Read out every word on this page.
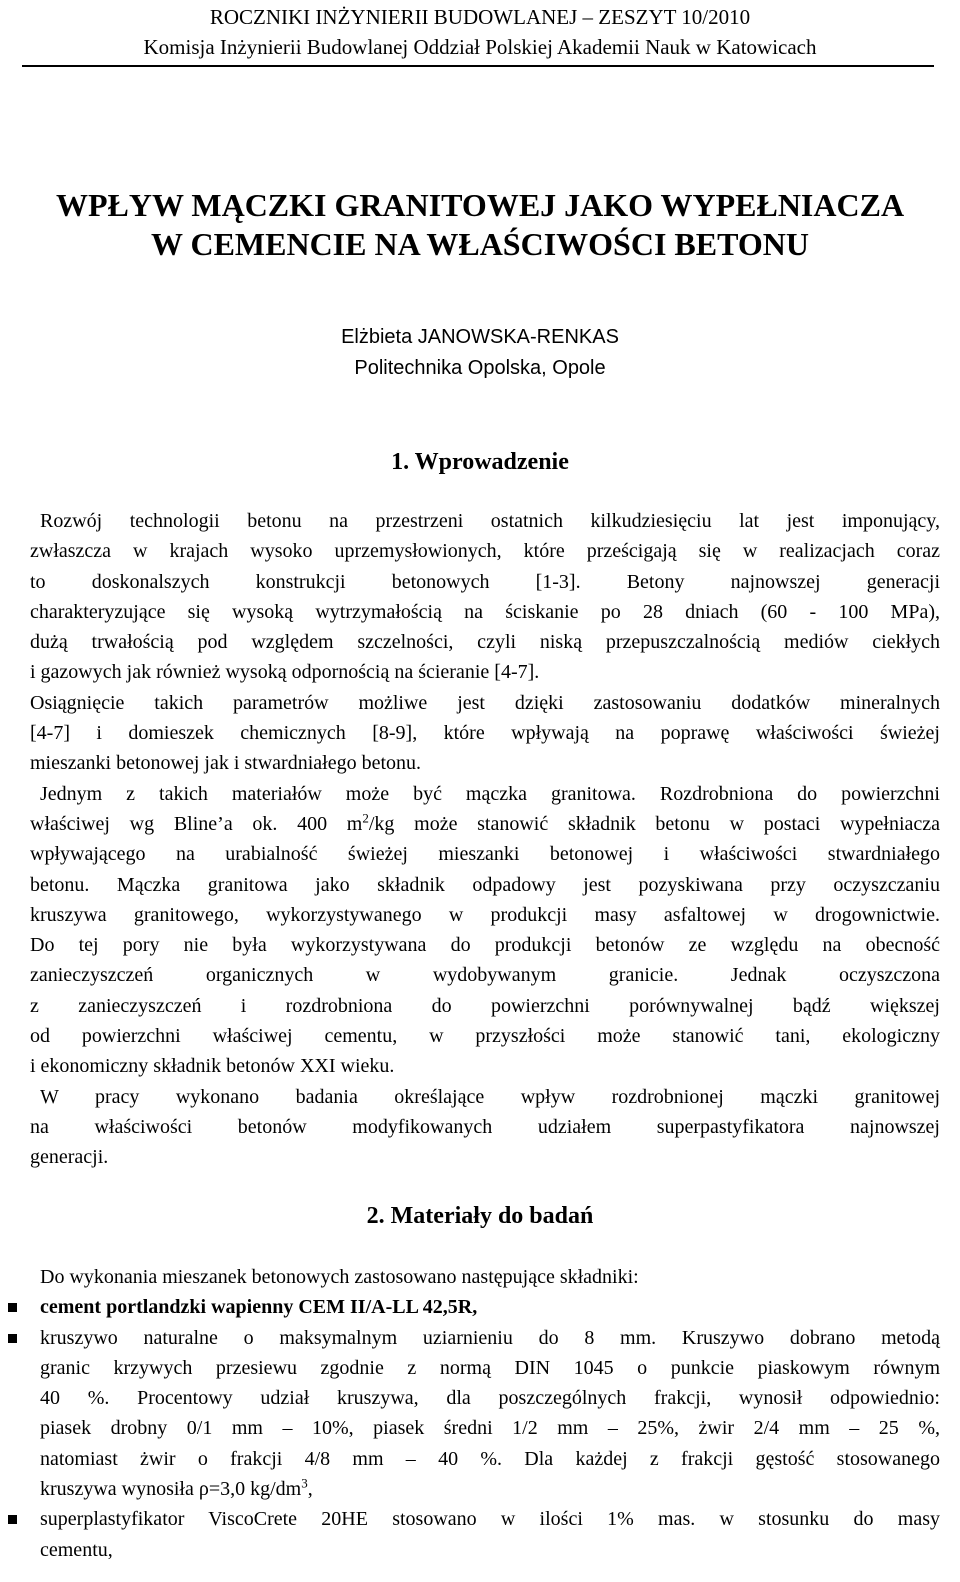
ROCZNIKI INŻYNIERII BUDOWLANEJ – ZESZYT 10/2010
Komisja Inżynierii Budowlanej Oddział Polskiej Akademii Nauk w Katowicach
WPŁYW MĄCZKI GRANITOWEJ JAKO WYPEŁNIACZA
W CEMENCIE NA WŁAŚCIWOŚCI BETONU
Elżbieta JANOWSKA-RENKAS
Politechnika Opolska, Opole
1. Wprowadzenie
Rozwój technologii betonu na przestrzeni ostatnich kilkudziesięciu lat jest imponujący,
zwłaszcza w krajach wysoko uprzemysłowionych, które prześcigają się w realizacjach coraz
to doskonalszych konstrukcji betonowych [1-3]. Betony najnowszej generacji
charakteryzujące się wysoką wytrzymałością na ściskanie po 28 dniach (60 - 100 MPa),
dużą trwałością pod względem szczelności, czyli niską przepuszczalnością mediów ciekłych
i gazowych jak również wysoką odpornością na ścieranie [4-7].
Osiągnięcie takich parametrów możliwe jest dzięki zastosowaniu dodatków mineralnych
[4-7] i domieszek chemicznych [8-9], które wpływają na poprawę właściwości świeżej
mieszanki betonowej jak i stwardniałego betonu.
Jednym z takich materiałów może być mączka granitowa. Rozdrobniona do powierzchni
właściwej wg Bline’a ok. 400 $m^2/kg$ może stanowić składnik betonu w postaci wypełniacza
wpływającego na urabialność świeżej mieszanki betonowej i właściwości stwardniałego
betonu. Mączka granitowa jako składnik odpadowy jest pozyskiwana przy oczyszczaniu
kruszywa granitowego, wykorzystywanego w produkcji masy asfaltowej w drogownictwie.
Do tej pory nie była wykorzystywana do produkcji betonów ze względu na obecność
zanieczyszczeń organicznych w wydobywanym granicie. Jednak oczyszczona
z zanieczyszczeń i rozdrobniona do powierzchni porównywalnej bądź większej
od powierzchni właściwej cementu, w przyszłości może stanowić tani, ekologiczny
i ekonomiczny składnik betonów XXI wieku.
W pracy wykonano badania określające wpływ rozdrobnionej mączki granitowej
na właściwości betonów modyfikowanych udziałem superpastyfikatora najnowszej
generacji.
2. Materiały do badań
Do wykonania mieszanek betonowych zastosowano następujące składniki:
cement portlandzki wapienny CEM II/A-LL 42,5R,
kruszywo naturalne o maksymalnym uziarnieniu do 8 mm. Kruszywo dobrano metodą
granic krzywych przesiewu zgodnie z normą DIN 1045 o punkcie piaskowym równym
40 %. Procentowy udział kruszywa, dla poszczególnych frakcji, wynosił odpowiednio:
piasek drobny 0/1 mm – 10%, piasek średni 1/2 mm – 25%, żwir 2/4 mm – 25 %,
natomiast żwir o frakcji 4/8 mm – 40 %. Dla każdej z frakcji gęstość stosowanego
kruszywa wynosiła ρ=3,0 $kg/dm^3$,
superplastyfikator ViscoCrete 20HE stosowano w ilości 1% mas. w stosunku do masy
cementu,
